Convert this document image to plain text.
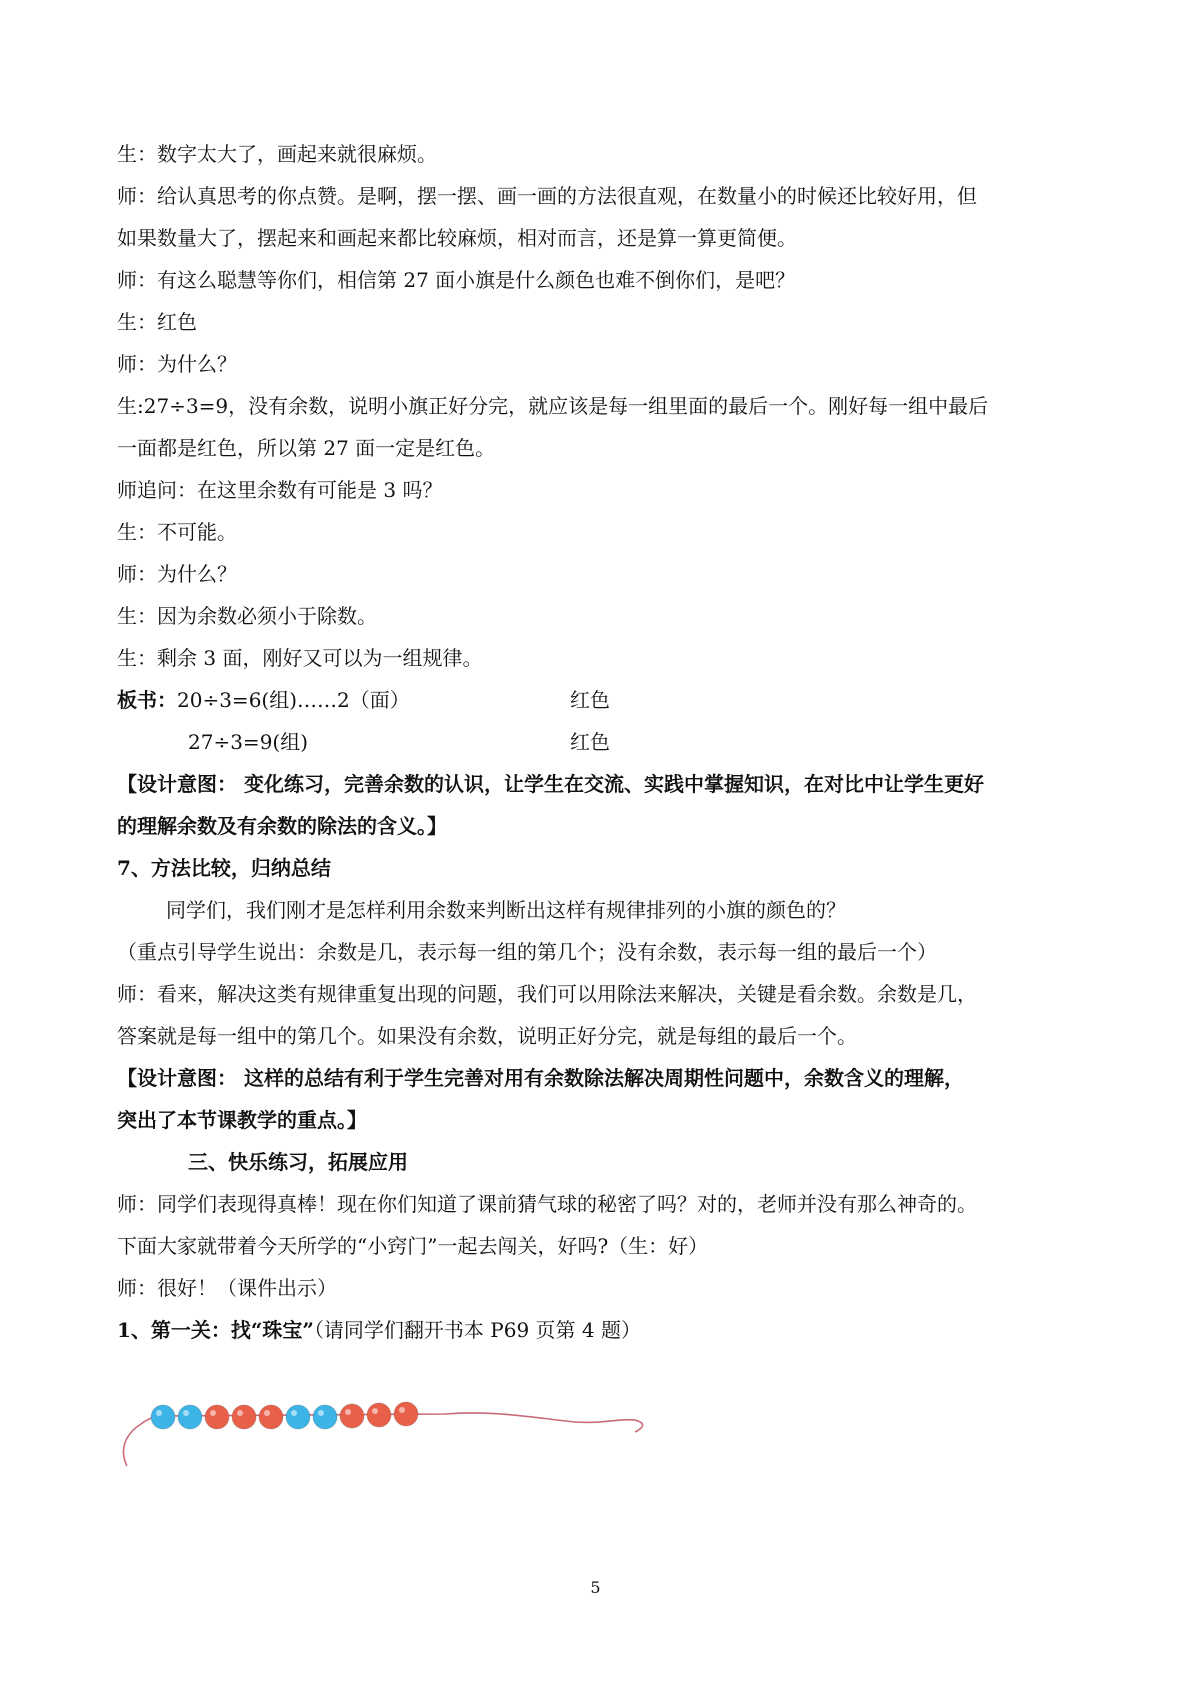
生：数字太大了，画起来就很麻烦。
师：给认真思考的你点赞。是啊，摆一摆、画一画的方法很直观，在数量小的时候还比较好用，但
如果数量大了，摆起来和画起来都比较麻烦，相对而言，还是算一算更简便。
师：有这么聪慧等你们，相信第 27 面小旗是什么颜色也难不倒你们，是吧？
生：红色
师：为什么？
生:27÷3=9，没有余数，说明小旗正好分完，就应该是每一组里面的最后一个。刚好每一组中最后
一面都是红色，所以第 27 面一定是红色。
师追问：在这里余数有可能是 3 吗？
生：不可能。
师：为什么？
生：因为余数必须小于除数。
生：剩余 3 面，刚好又可以为一组规律。
板书：20÷3=6(组)……2（面）	红色
27÷3=9(组)	红色
【设计意图： 变化练习，完善余数的认识，让学生在交流、实践中掌握知识，在对比中让学生更好
的理解余数及有余数的除法的含义。】
7、方法比较，归纳总结
同学们，我们刚才是怎样利用余数来判断出这样有规律排列的小旗的颜色的？
（重点引导学生说出：余数是几，表示每一组的第几个；没有余数，表示每一组的最后一个）
师：看来，解决这类有规律重复出现的问题，我们可以用除法来解决，关键是看余数。余数是几，
答案就是每一组中的第几个。如果没有余数，说明正好分完，就是每组的最后一个。
【设计意图： 这样的总结有利于学生完善对用有余数除法解决周期性问题中，余数含义的理解，
突出了本节课教学的重点。】
三、快乐练习，拓展应用
师：同学们表现得真棒！现在你们知道了课前猜气球的秘密了吗？对的，老师并没有那么神奇的。
下面大家就带着今天所学的“小窍门”一起去闯关，好吗?（生：好）
师：很好！（课件出示）
1、第一关：找“珠宝”（请同学们翻开书本 P69 页第 4 题）
5
